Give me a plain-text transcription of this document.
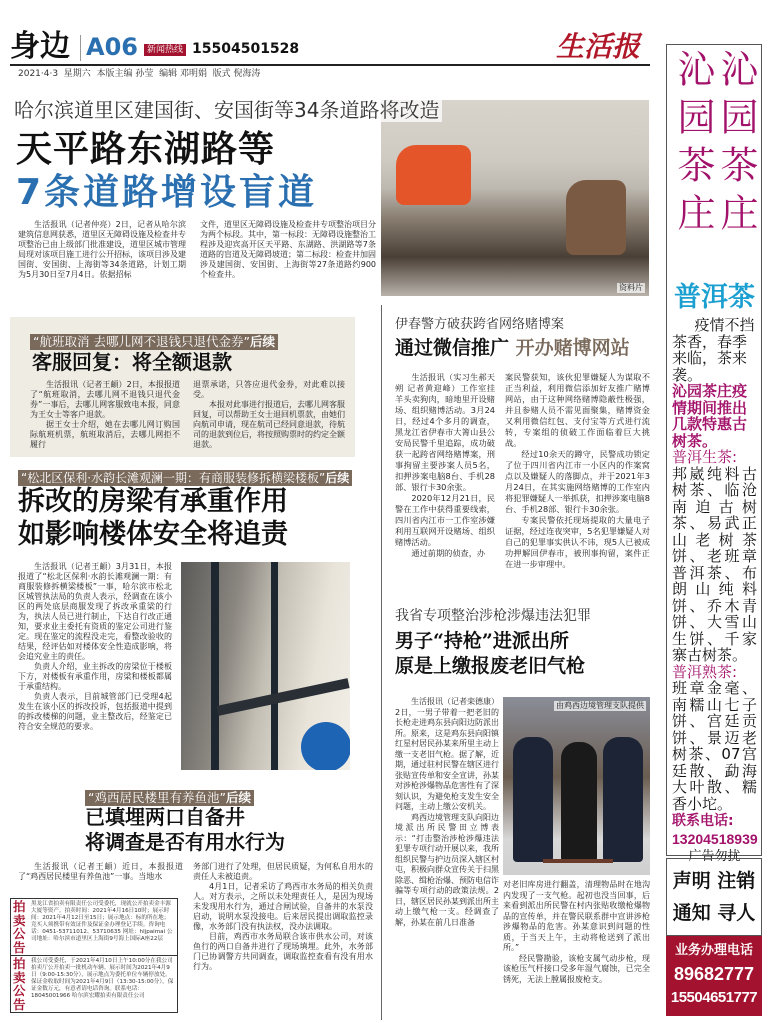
身边 A06	新闻热线 15504501528	生活报
2021·4·3  星期六  本版主编 孙莹  编辑 邓明娟  版式 倪海涛
资料片
哈尔滨道里区建国街、安国街等34条道路将改造
天平路东湖路等
7条道路增设盲道

生活报讯（记者仲亮）2日，记者从哈尔滨建筑信息网获悉，道里区无障碍设施及检查井专项整治已由上级部门批准建设，道里区城市管理局现对该项目施工进行公开招标，该项目涉及建国街、安国街、上海街等34条道路，计划工期为5月30日至7月4日。依据招标

文件，道里区无障碍设施及检查井专项整治项目分为两个标段。其中，第一标段：无障碍设施整治工程涉及迎宾高开区天平路、东湖路、洪湖路等7条道路的盲道及无障碍坡道；第二标段：检查井加固涉及建国街、安国街、上海街等27条道路约900个检查井。

“航班取消 去哪儿网不退钱只退代金券”后续
客服回复：将全额退款

生活报讯（记者王頔）2日，本报报道了“航班取消，去哪儿网不退钱只退代金券”一事后，去哪儿网客服致电本报，同意为王女士等客户退款。

据王女士介绍，她在去哪儿网订购国际航班机票，航班取消后，去哪儿网拒不履行

退票承诺，只答应退代金券，对此难以接受。

本报对此事进行报道后，去哪儿网客服回复，可以帮助王女士退回机票款，由她们向航司申请，现在航司已经同意退款，待航司的退款到位后，将按照购票时的约定全额退款。

“松北区保利·水韵长滩观澜一期：有商服装修拆横梁楼板”后续
拆改的房梁有承重作用
如影响楼体安全将追责

生活报讯（记者王頔）3月31日，本报报道了“松北区保利·水韵长滩观澜一期：有商服装修拆横梁楼板”一事，哈尔滨市松北区城管执法局的负责人表示，经调查在该小区的两处底层商服发现了拆改承重梁的行为，执法人员已进行制止，下达自行改正通知，要求业主委托有资质的鉴定公司进行鉴定。现在鉴定的流程没走完，看整改验收的结果，经评估如对楼体安全性造成影响，将会追究业主的责任。

负责人介绍，业主拆改的房梁位于楼板下方，对楼板有承重作用，房梁和楼板都属于承重结构。

负责人表示，目前城管部门已受理4起发生在该小区的拆改投诉，包括报道中提到的拆改楼梯的问题，业主整改后，经鉴定已符合安全规范的要求。

“鸡西居民楼里有养鱼池”后续
已填埋两口自备井
将调查是否有用水行为

生活报讯（记者王頔）近日，本报报道了“鸡西居民楼里有养鱼池”一事。当地水

务部门进行了处理，但居民质疑，为何私自用水的责任人未被追责。

4月1日，记者采访了鸡西市水务局的相关负责人。对方表示，之所以未处理责任人，是因为现场未发现用水行为，通过合闸试验，自备井的水泵没启动，说明水泵没接电。后来居民提出调取监控录像，水务部门没有执法权，没办法调取。

目前，鸡西市水务局联合该市供水公司，对该鱼行的两口自备井进行了现场填埋。此外，水务部门已协调警方共同调查，调取监控查看有没有用水行为。

拍卖公告
黑龙江省拍卖有限责任公司受委托，现就公开拍卖金丰源大厦等资产。拍卖时间：2021年4月16日10时；展示时间：2021年4月12日至15日；展示地点：标的所在地；竞买人须携带有效证件及保证金办理登记手续。咨询电话：0451-53711012、53710635 网址：hljpaimai 公司地址：哈尔滨市道里区上海街9号海上国际A座22层
拍卖公告
我公司受委托，于2021年4月10日上午10:00分在我公司拍卖厅公开拍卖一批机动车辆。展示时间为2021年4月9日（9:00-15:30分），展示地点为委托单位车辆停放处。保证金收取时间为2021年4月9日（13:30-15:00分），保证金数万元，有意者请电话咨询。联系电话：18045001966 哈尔滨宏耀拍卖有限责任公司
伊春警方破获跨省网络赌博案
通过微信推广 开办赌博网站

生活报讯（实习生郝天朔 记者黄迎峰）工作室挂羊头卖狗肉，暗地里开设赌场、组织赌博活动。3月24日，经过4个多月的调查，黑龙江省伊春市大箐山县公安局民警千里追踪，成功破获一起跨省网络赌博案，刑事拘留主要涉案人员5名，扣押涉案电脑8台、手机28部、银行卡30余张。

2020年12月21日，民警在工作中获得重要线索，四川省内江市一工作室涉嫌利用互联网开设赌场、组织赌博活动。

通过前期的侦查，办

案民警获知，该伙犯罪嫌疑人为谋取不正当利益，利用微信添加好友推广赌博网站，由于这种网络赌博隐蔽性极强，并且参赌人员不需见面聚集，赌博资金又利用微信红包、支付宝等方式进行流转，专案组的侦破工作面临着巨大挑战。

经过10余天的蹲守，民警成功锁定了位于四川省内江市一小区内的作案窝点以及嫌疑人的落脚点，并于2021年3月24日，在其实施网络赌博的工作室内将犯罪嫌疑人一举抓获，扣押涉案电脑8台、手机28部、银行卡30余张。

专案民警依托现场提取的大量电子证据，经过连夜突审，5名犯罪嫌疑人对自己的犯罪事实供认不讳，现5人已被成功押解回伊春市，被刑事拘留，案件正在进一步审理中。

我省专项整治涉枪涉爆违法犯罪
男子“持枪”进派出所
原是上缴报废老旧气枪

生活报讯（记者栾德康）2日，一男子带着一把老旧的长枪走进鸡东县向阳边防派出所。原来，这是鸡东县向阳镇红星村居民孙某来所里主动上缴一支老旧气枪。据了解，近期，通过驻村民警在辖区进行张贴宣传单和安全宣讲，孙某对涉枪涉爆物品危害性有了深刻认识，为避免枪支发生安全问题，主动上缴公安机关。

鸡西边境管理支队向阳边境派出所民警田立博表示：“打击整治涉枪涉爆违法犯罪专项行动开展以来，我所组织民警与护边员深入辖区村屯，积极向群众宣传关于扫黑除恶、缉枪治爆、预防电信诈骗等专项行动的政策法规。2日，辖区居民孙某到派出所主动上缴气枪一支。经调查了解，孙某在前几日准备

由鸡西边境管理支队提供

对老旧库房进行翻盖，清理物品时在地沟内发现了一支气枪。起初也没当回事，后来看到派出所民警在村内张贴收缴枪爆物品的宣传单，并在警民联系群中宣讲涉枪涉爆物品的危害。孙某意识到问题的性质，于当天上午，主动将枪送到了派出所。”

经民警勘验，该枪支属气动步枪，现该枪压气杆接口受多年湿气腐蚀，已完全锈死，无法上膛属报废枪支。

沁园茶庄 沁园茶庄
普洱茶
疫情不挡茶香，春季来临，茶来袭。
沁园茶庄疫情期间推出几款特惠古树茶。
普洱生茶:
邦崴纯料古树茶、临沧南迫古树茶、易武正山老树茶饼、老班章普洱茶、布朗山纯料饼、乔木青饼、大雪山生饼、千家寨古树茶。
普洱熟茶:
班章金毫、南糯山七子饼、宫廷贡饼、景迈老树茶、07宫廷散、勐海大叶散、糯香小坨。
联系电话:
13204518939
广告勿扰
声明 注销
通知 寻人
业务办理电话
89682777
15504651777
